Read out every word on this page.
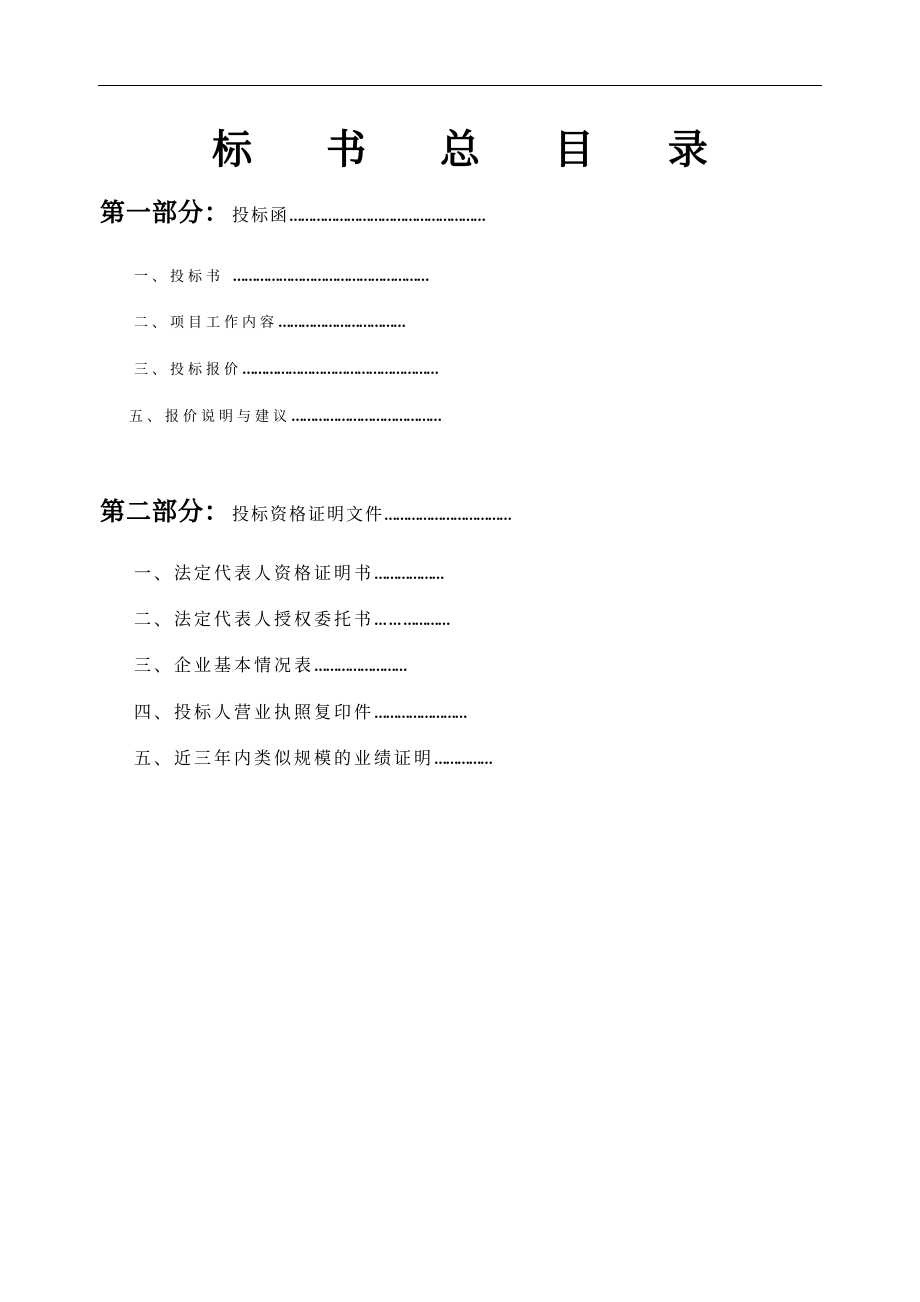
标 书 总 目 录
第一部分： 投标函……………………………………………
一、投标书 ……………………………………………
二、项目工作内容……………………………
三、投标报价……………………………………………
五、报价说明与建议…………………………………
第二部分： 投标资格证明文件……………………………
一、法定代表人资格证明书………………
二、法定代表人授权委托书… … …………
三、企业基本情况表……………………
四、投标人营业执照复印件……………………
五、近三年内类似规模的业绩证明……………
